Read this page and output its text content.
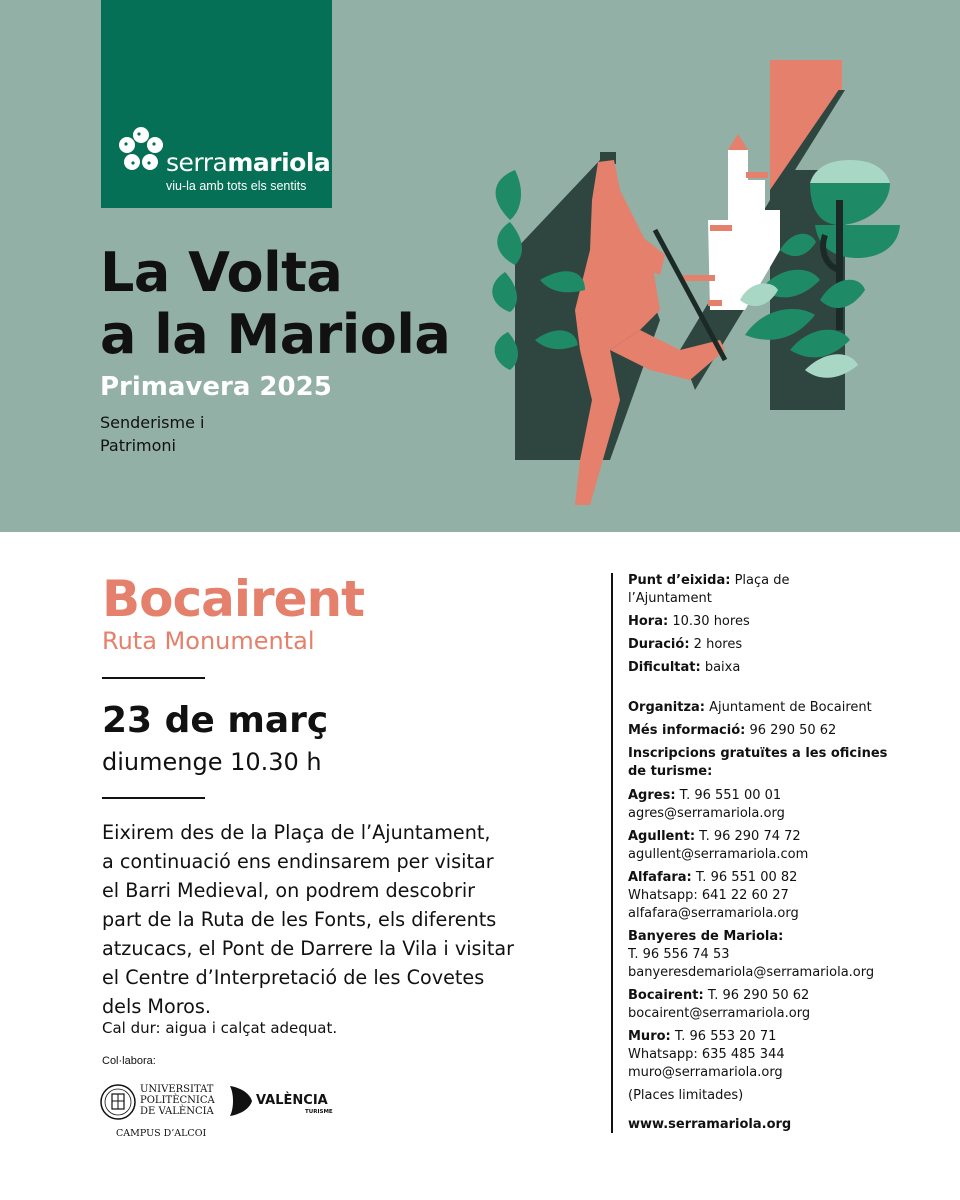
serramariola
viu-la amb tots els sentits
La Volta
a la Mariola
Primavera 2025
Senderisme i
Patrimoni
Bocairent
Ruta Monumental
23 de març
diumenge 10.30 h
Eixirem des de la Plaça de l’Ajuntament,
a continuació ens endinsarem per visitar
el Barri Medieval, on podrem descobrir
part de la Ruta de les Fonts, els diferents
atzucacs, el Pont de Darrere la Vila i visitar
el Centre d’Interpretació de les Covetes
dels Moros.
Cal dur: aigua i calçat adequat.
Col·labora:
UNIVERSITAT
POLITÈCNICA
DE VALÈNCIA
CAMPUS D’ALCOI
VALÈNCIA
TURISME
Punt d’eixida: Plaça de
l’Ajuntament
Hora: 10.30 hores
Duració: 2 hores
Dificultat: baixa
Organitza: Ajuntament de Bocairent
Més informació: 96 290 50 62
Inscripcions gratuïtes a les oficines
de turisme:
Agres: T. 96 551 00 01
agres@serramariola.org
Agullent: T. 96 290 74 72
agullent@serramariola.com
Alfafara: T. 96 551 00 82
Whatsapp: 641 22 60 27
alfafara@serramariola.org
Banyeres de Mariola:
T. 96 556 74 53
banyeresdemariola@serramariola.org
Bocairent: T. 96 290 50 62
bocairent@serramariola.org
Muro: T. 96 553 20 71
Whatsapp: 635 485 344
muro@serramariola.org
(Places limitades)
www.serramariola.org
